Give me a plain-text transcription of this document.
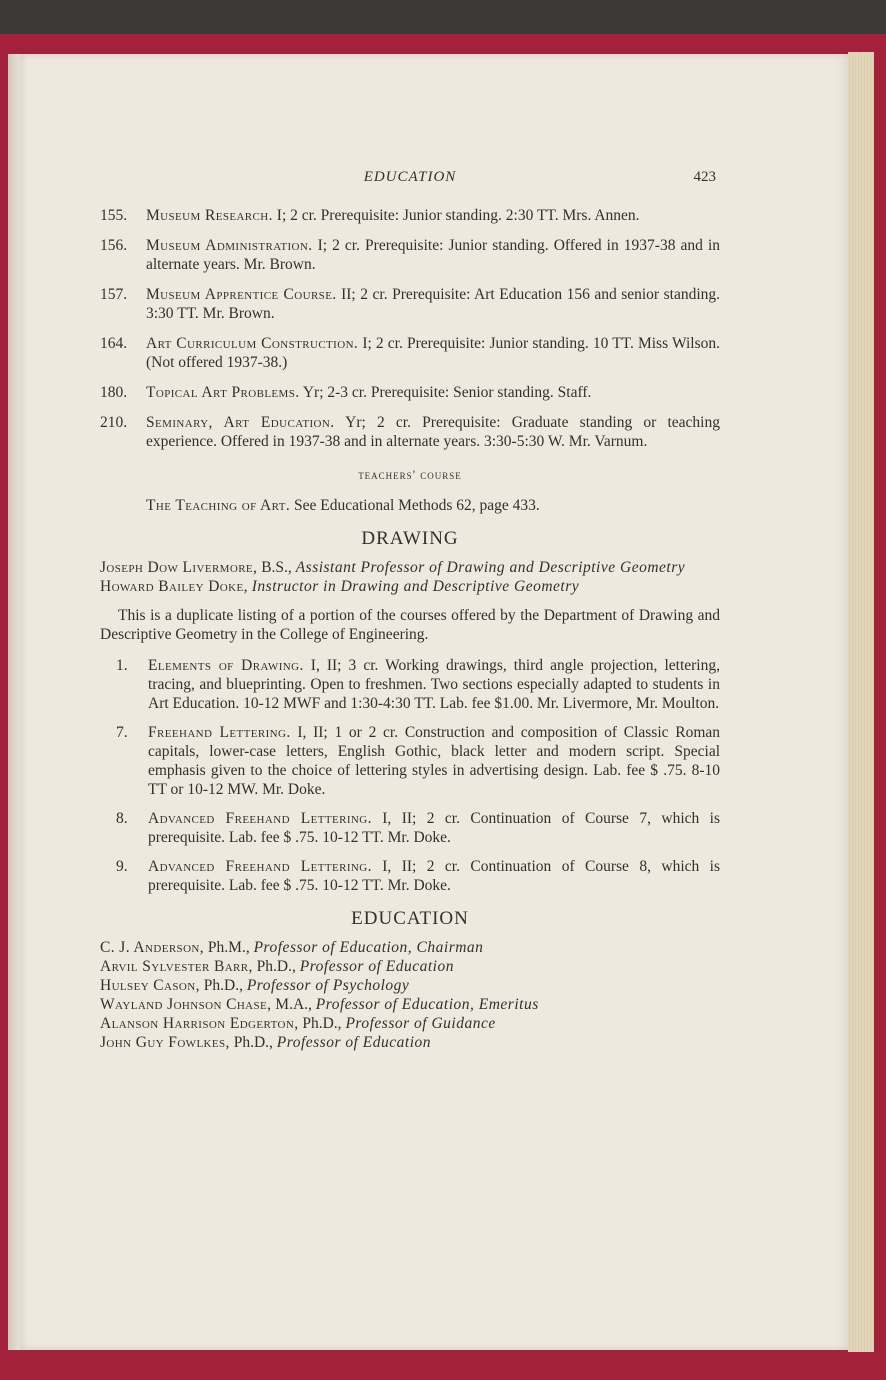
EDUCATION	423
155.	Museum Research. I; 2 cr. Prerequisite: Junior standing. 2:30 TT. Mrs. Annen.
156.	Museum Administration. I; 2 cr. Prerequisite: Junior standing. Offered in 1937-38 and in alternate years. Mr. Brown.
157.	Museum Apprentice Course. II; 2 cr. Prerequisite: Art Education 156 and senior standing. 3:30 TT. Mr. Brown.
164.	Art Curriculum Construction. I; 2 cr. Prerequisite: Junior standing. 10 TT. Miss Wilson. (Not offered 1937-38.)
180.	Topical Art Problems. Yr; 2-3 cr. Prerequisite: Senior standing. Staff.
210.	Seminary, Art Education. Yr; 2 cr. Prerequisite: Graduate standing or teaching experience. Offered in 1937-38 and in alternate years. 3:30-5:30 W. Mr. Varnum.
teachers' course
The Teaching of Art. See Educational Methods 62, page 433.
DRAWING

Joseph Dow Livermore, B.S., Assistant Professor of Drawing and Descriptive Geometry

Howard Bailey Doke, Instructor in Drawing and Descriptive Geometry

This is a duplicate listing of a portion of the courses offered by the Department of Drawing and Descriptive Geometry in the College of Engineering.

1.	Elements of Drawing. I, II; 3 cr. Working drawings, third angle projection, lettering, tracing, and blueprinting. Open to freshmen. Two sections especially adapted to students in Art Education. 10-12 MWF and 1:30-4:30 TT. Lab. fee $1.00. Mr. Livermore, Mr. Moulton.
7.	Freehand Lettering. I, II; 1 or 2 cr. Construction and composition of Classic Roman capitals, lower-case letters, English Gothic, black letter and modern script. Special emphasis given to the choice of lettering styles in advertising design. Lab. fee $ .75. 8-10 TT or 10-12 MW. Mr. Doke.
8.	Advanced Freehand Lettering. I, II; 2 cr. Continuation of Course 7, which is prerequisite. Lab. fee $ .75. 10-12 TT. Mr. Doke.
9.	Advanced Freehand Lettering. I, II; 2 cr. Continuation of Course 8, which is prerequisite. Lab. fee $ .75. 10-12 TT. Mr. Doke.
EDUCATION

C. J. Anderson, Ph.M., Professor of Education, Chairman

Arvil Sylvester Barr, Ph.D., Professor of Education

Hulsey Cason, Ph.D., Professor of Psychology

Wayland Johnson Chase, M.A., Professor of Education, Emeritus

Alanson Harrison Edgerton, Ph.D., Professor of Guidance

John Guy Fowlkes, Ph.D., Professor of Education
